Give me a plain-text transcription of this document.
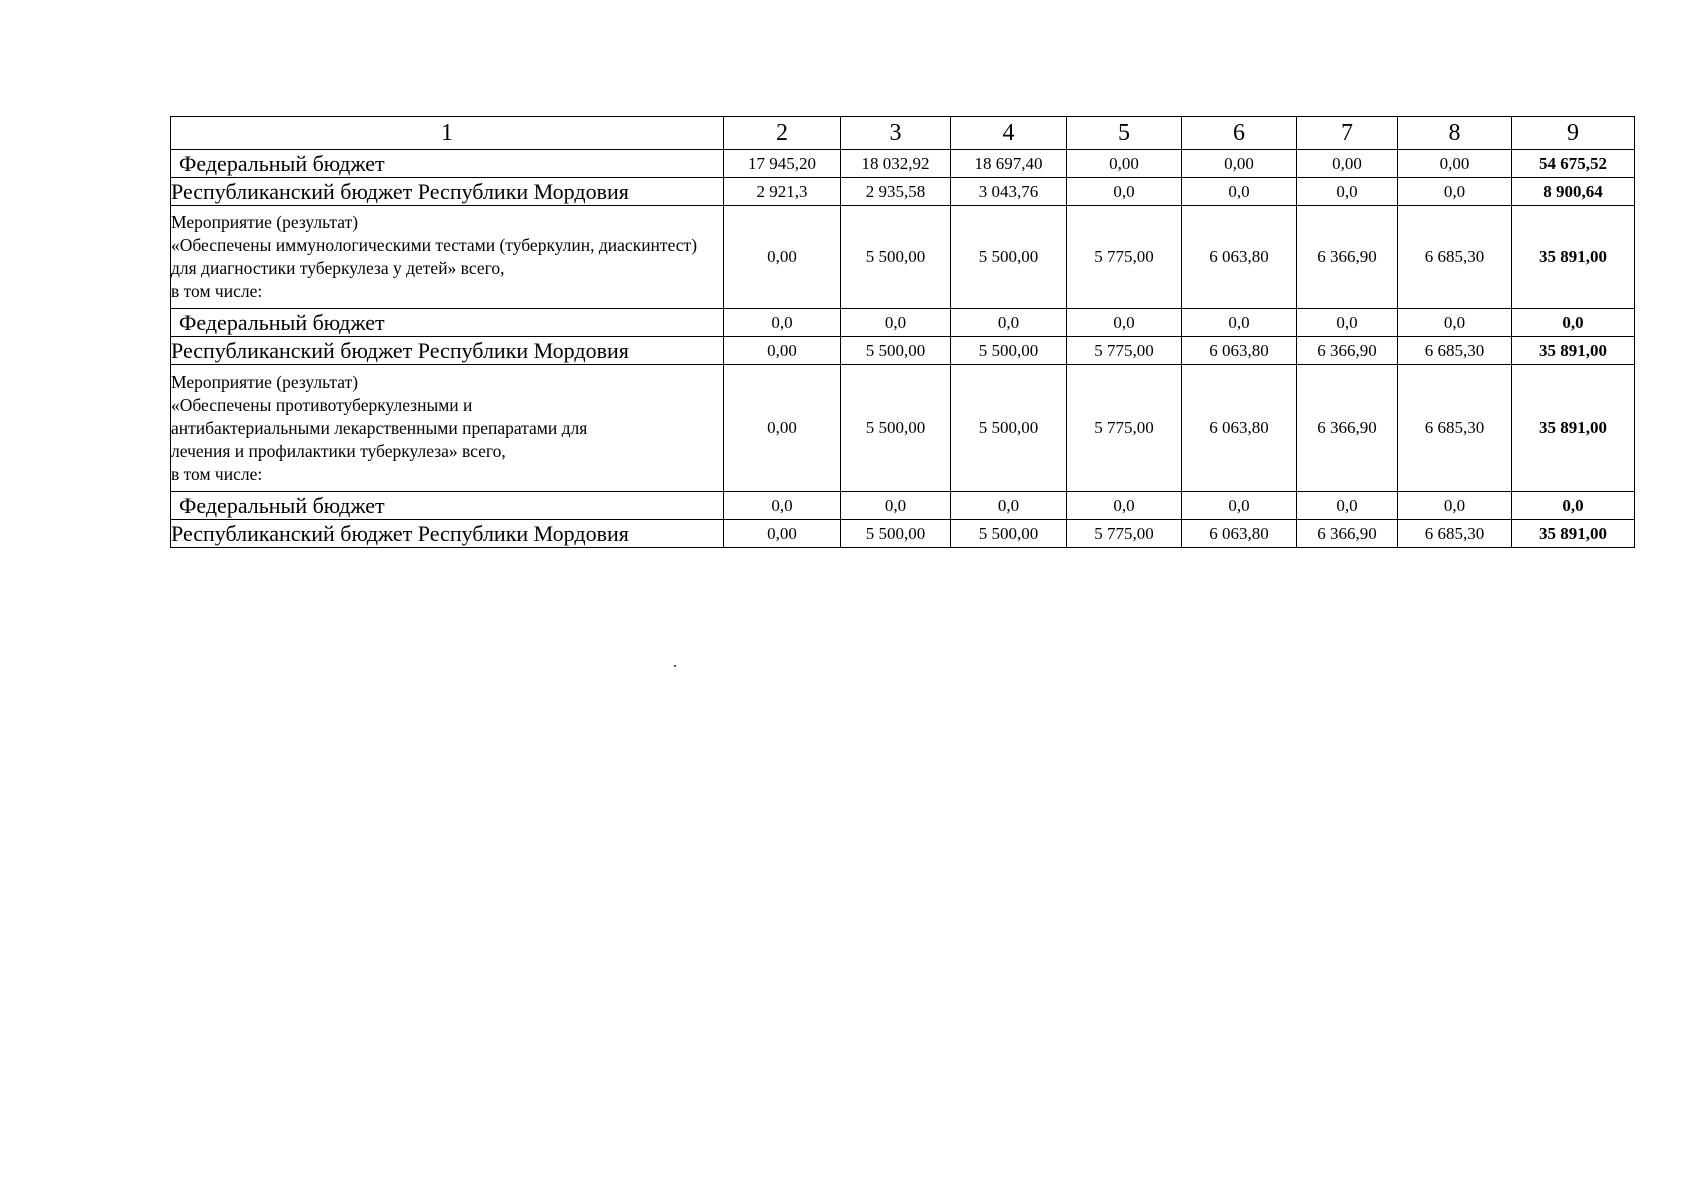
1	2	3	4	5	6	7	8	9

Федеральный бюджет	17 945,20	18 032,92	18 697,40	0,00	0,00	0,00	0,00	54 675,52

Республиканский бюджет Республики Мордовия	2 921,3	2 935,58	3 043,76	0,0	0,0	0,0	0,0	8 900,64

Мероприятие (результат)
«Обеспечены иммунологическими тестами (туберкулин, диаскинтест) для диагностики туберкулеза у детей» всего,
в том числе:	0,00	5 500,00	5 500,00	5 775,00	6 063,80	6 366,90	6 685,30	35 891,00

Федеральный бюджет	0,0	0,0	0,0	0,0	0,0	0,0	0,0	0,0

Республиканский бюджет Республики Мордовия	0,00	5 500,00	5 500,00	5 775,00	6 063,80	6 366,90	6 685,30	35 891,00

Мероприятие (результат)
«Обеспечены противотуберкулезными и
антибактериальными лекарственными препаратами для
лечения и профилактики туберкулеза» всего,
в том числе:	0,00	5 500,00	5 500,00	5 775,00	6 063,80	6 366,90	6 685,30	35 891,00

Федеральный бюджет	0,0	0,0	0,0	0,0	0,0	0,0	0,0	0,0

Республиканский бюджет Республики Мордовия	0,00	5 500,00	5 500,00	5 775,00	6 063,80	6 366,90	6 685,30	35 891,00
